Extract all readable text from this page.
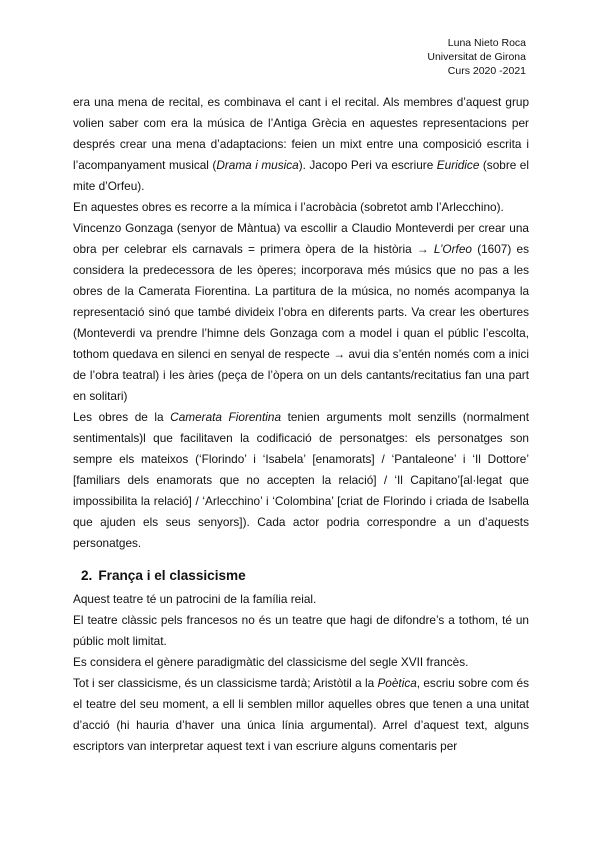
Luna Nieto Roca
Universitat de Girona
Curs 2020 -2021

era una mena de recital, es combinava el cant i el recital. Als membres d’aquest grup volien saber com era la música de l’Antiga Grècia en aquestes representacions per després crear una mena d’adaptacions: feien un mixt entre una composició escrita i l’acompanyament musical (Drama i musica). Jacopo Peri va escriure Euridice (sobre el mite d’Orfeu).

En aquestes obres es recorre a la mímica i l’acrobàcia (sobretot amb l’Arlecchino).

Vincenzo Gonzaga (senyor de Màntua) va escollir a Claudio Monteverdi per crear una obra per celebrar els carnavals = primera òpera de la història → L’Orfeo (1607) es considera la predecessora de les òperes; incorporava més músics que no pas a les obres de la Camerata Fiorentina. La partitura de la música, no només acompanya la representació sinó que també divideix l’obra en diferents parts. Va crear les obertures (Monteverdi va prendre l’himne dels Gonzaga com a model i quan el públic l’escolta, tothom quedava en silenci en senyal de respecte → avui dia s’entén només com a inici de l’obra teatral) i les àries (peça de l’òpera on un dels cantants/recitatius fan una part en solitari)

Les obres de la Camerata Fiorentina tenien arguments molt senzills (normalment sentimentals)l que facilitaven la codificació de personatges: els personatges son sempre els mateixos (‘Florindo’ i ‘Isabela’ [enamorats] / ‘Pantaleone’ i ‘Il Dottore’ [familiars dels enamorats que no accepten la relació] / ‘Il Capitano’[al·legat que impossibilita la relació] / ‘Arlecchino’ i ‘Colombina’ [criat de Florindo i criada de Isabella que ajuden els seus senyors]). Cada actor podria correspondre a un d’aquests personatges.

2. França i el classicisme

Aquest teatre té un patrocini de la família reial.

El teatre clàssic pels francesos no és un teatre que hagi de difondre’s a tothom, té un públic molt limitat.

Es considera el gènere paradigmàtic del classicisme del segle XVII francès.

Tot i ser classicisme, és un classicisme tardà; Aristòtil a la Poètica, escriu sobre com és el teatre del seu moment, a ell li semblen millor aquelles obres que tenen a una unitat d’acció (hi hauria d’haver una única línia argumental). Arrel d’aquest text, alguns escriptors van interpretar aquest text i van escriure alguns comentaris per
